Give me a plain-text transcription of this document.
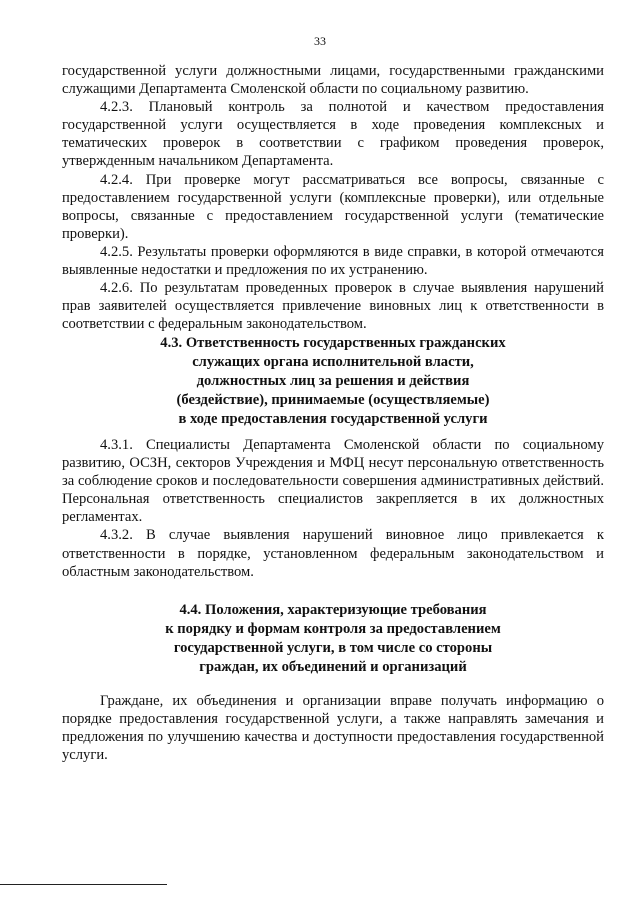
33

государственной услуги должностными лицами, государственными гражданскими служащими Департамента Смоленской области по социальному развитию.

4.2.3. Плановый контроль за полнотой и качеством предоставления государственной услуги осуществляется в ходе проведения комплексных и тематических проверок в соответствии с графиком проведения проверок, утвержденным начальником Департамента.

4.2.4. При проверке могут рассматриваться все вопросы, связанные с предоставлением государственной услуги (комплексные проверки), или отдельные вопросы, связанные с предоставлением государственной услуги (тематические проверки).

4.2.5. Результаты проверки оформляются в виде справки, в которой отмечаются выявленные недостатки и предложения по их устранению.

4.2.6. По результатам проведенных проверок в случае выявления нарушений прав заявителей осуществляется привлечение виновных лиц к ответственности в соответствии с федеральным законодательством.

4.3. Ответственность государственных гражданских
служащих органа исполнительной власти,
должностных лиц за решения и действия
(бездействие), принимаемые (осуществляемые)
в ходе предоставления государственной услуги

4.3.1. Специалисты Департамента Смоленской области по социальному развитию, ОСЗН, секторов Учреждения и МФЦ несут персональную ответственность за соблюдение сроков и последовательности совершения административных действий. Персональная ответственность специалистов закрепляется в их должностных регламентах.

4.3.2. В случае выявления нарушений виновное лицо привлекается к ответственности в порядке, установленном федеральным законодательством и областным законодательством.

4.4. Положения, характеризующие требования
к порядку и формам контроля за предоставлением
государственной услуги, в том числе со стороны
граждан, их объединений и организаций

Граждане, их объединения и организации вправе получать информацию о порядке предоставления государственной услуги, а также направлять замечания и предложения по улучшению качества и доступности предоставления государственной услуги.
